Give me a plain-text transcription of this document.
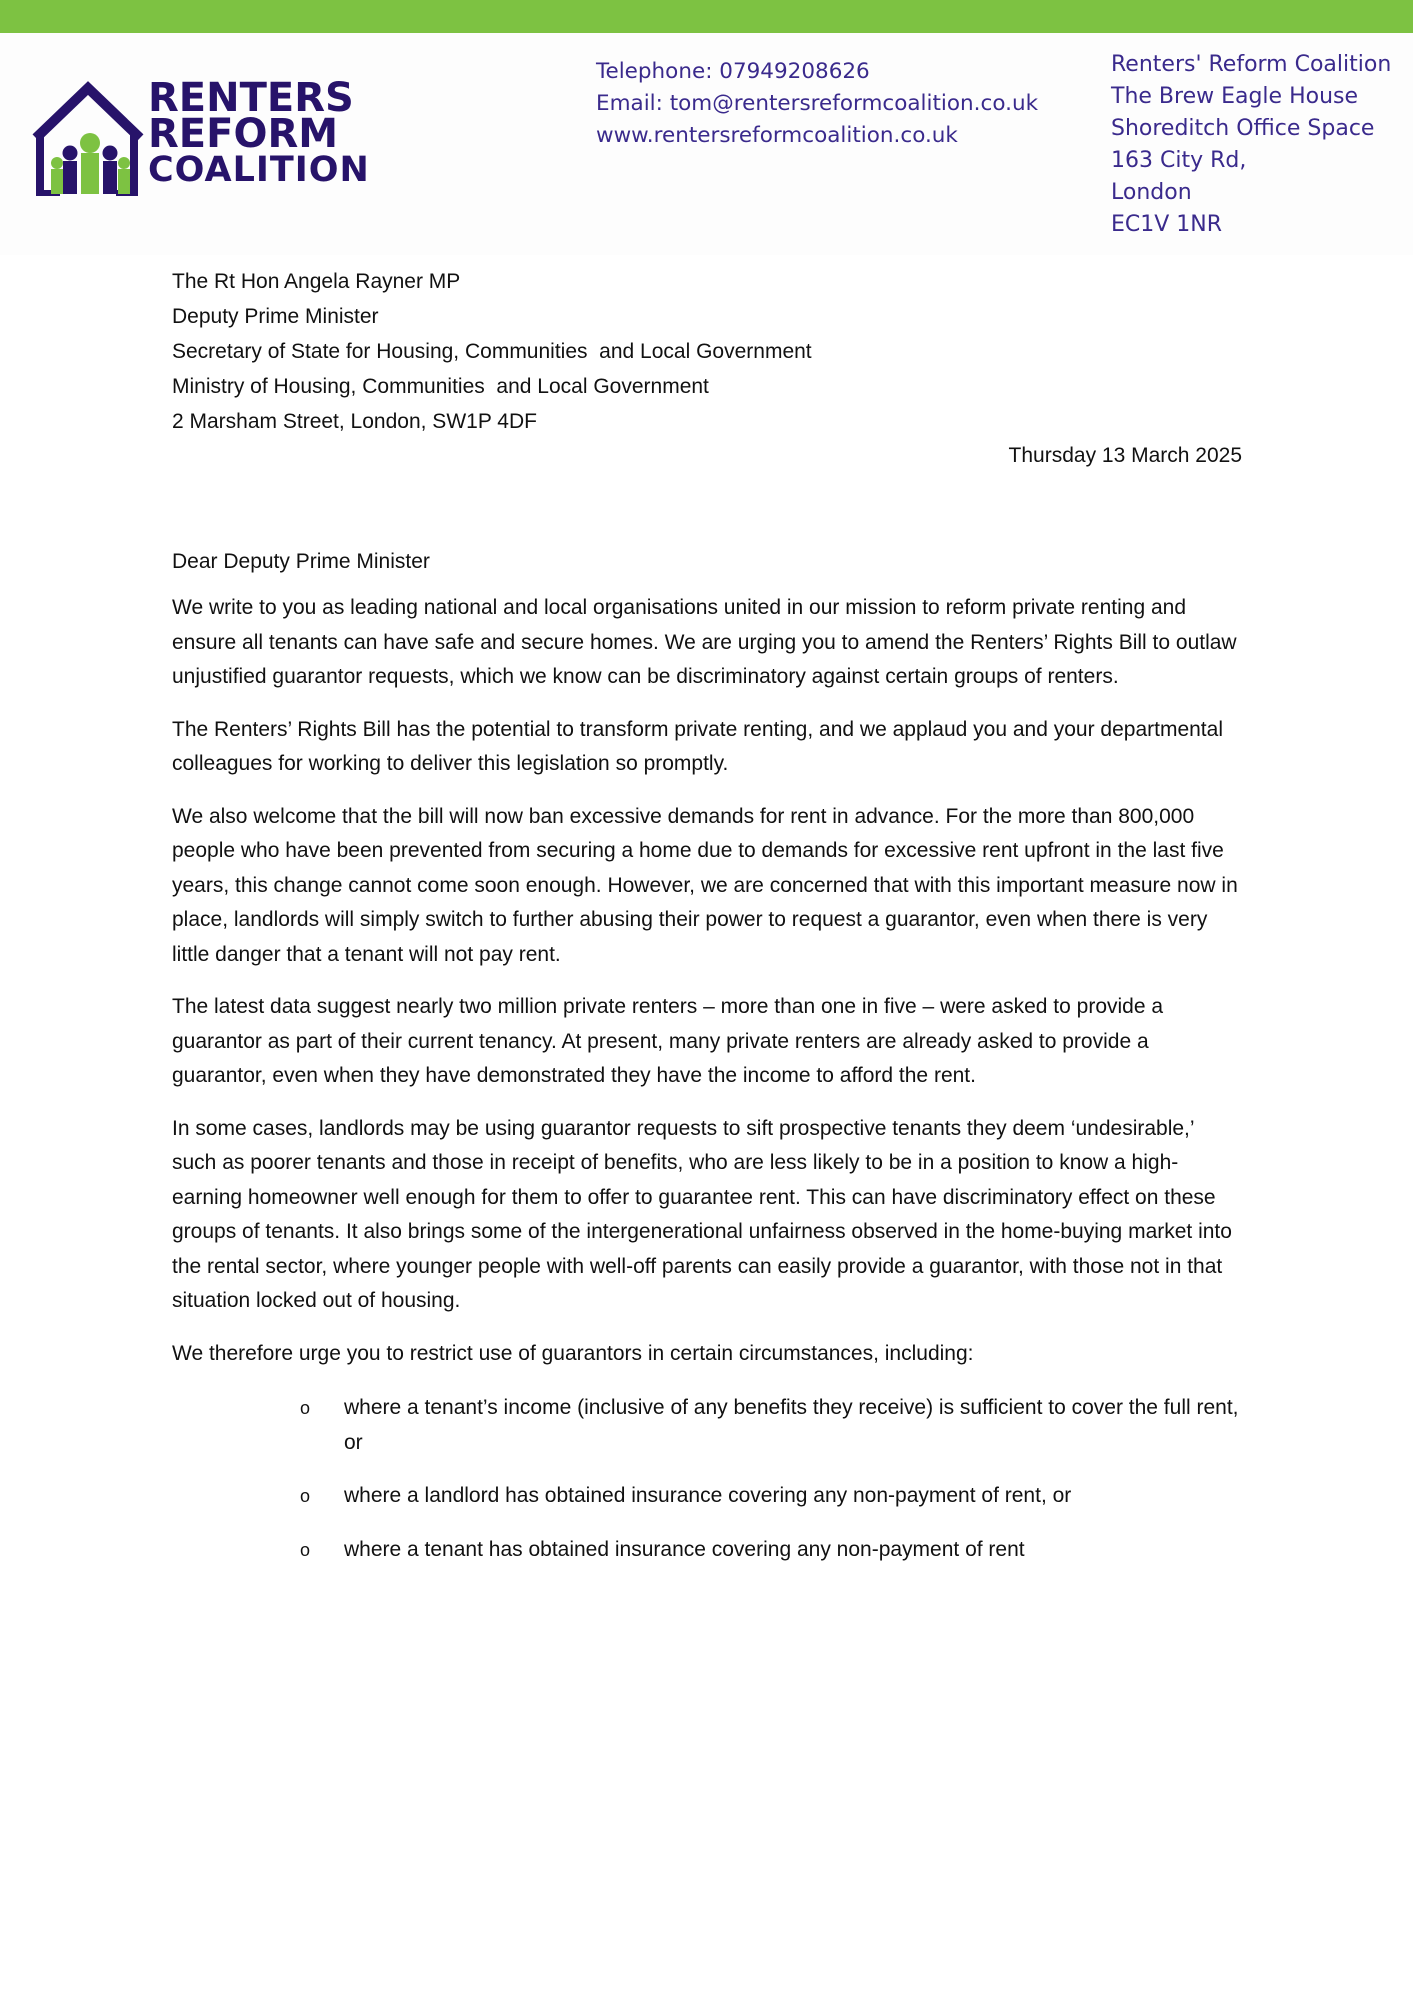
RENTERS
REFORM
COALITION
Telephone: 07949208626
Email: tom@rentersreformcoalition.co.uk
www.rentersreformcoalition.co.uk
Renters' Reform Coalition
The Brew Eagle House
Shoreditch Office Space
163 City Rd,
London
EC1V 1NR
The Rt Hon Angela Rayner MP
Deputy Prime Minister
Secretary of State for Housing, Communities  and Local Government
Ministry of Housing, Communities  and Local Government
2 Marsham Street, London, SW1P 4DF
Thursday 13 March 2025
Dear Deputy Prime Minister

We write to you as leading national and local organisations united in our mission to reform private renting and ensure all tenants can have safe and secure homes. We are urging you to amend the Renters’ Rights Bill to outlaw unjustified guarantor requests, which we know can be discriminatory against certain groups of renters.

The Renters’ Rights Bill has the potential to transform private renting, and we applaud you and your departmental colleagues for working to deliver this legislation so promptly.

We also welcome that the bill will now ban excessive demands for rent in advance. For the more than 800,000 people who have been prevented from securing a home due to demands for excessive rent upfront in the last five years, this change cannot come soon enough. However, we are concerned that with this important measure now in place, landlords will simply switch to further abusing their power to request a guarantor, even when there is very little danger that a tenant will not pay rent.

The latest data suggest nearly two million private renters – more than one in five – were asked to provide a guarantor as part of their current tenancy. At present, many private renters are already asked to provide a guarantor, even when they have demonstrated they have the income to afford the rent.

In some cases, landlords may be using guarantor requests to sift prospective tenants they deem ‘undesirable,’ such as poorer tenants and those in receipt of benefits, who are less likely to be in a position to know a high-earning homeowner well enough for them to offer to guarantee rent. This can have discriminatory effect on these groups of tenants. It also brings some of the intergenerational unfairness observed in the home-buying market into the rental sector, where younger people with well-off parents can easily provide a guarantor, with those not in that situation locked out of housing.

We therefore urge you to restrict use of guarantors in certain circumstances, including:

o where a tenant’s income (inclusive of any benefits they receive) is sufficient to cover the full rent, or
o where a landlord has obtained insurance covering any non-payment of rent, or
o where a tenant has obtained insurance covering any non-payment of rent
